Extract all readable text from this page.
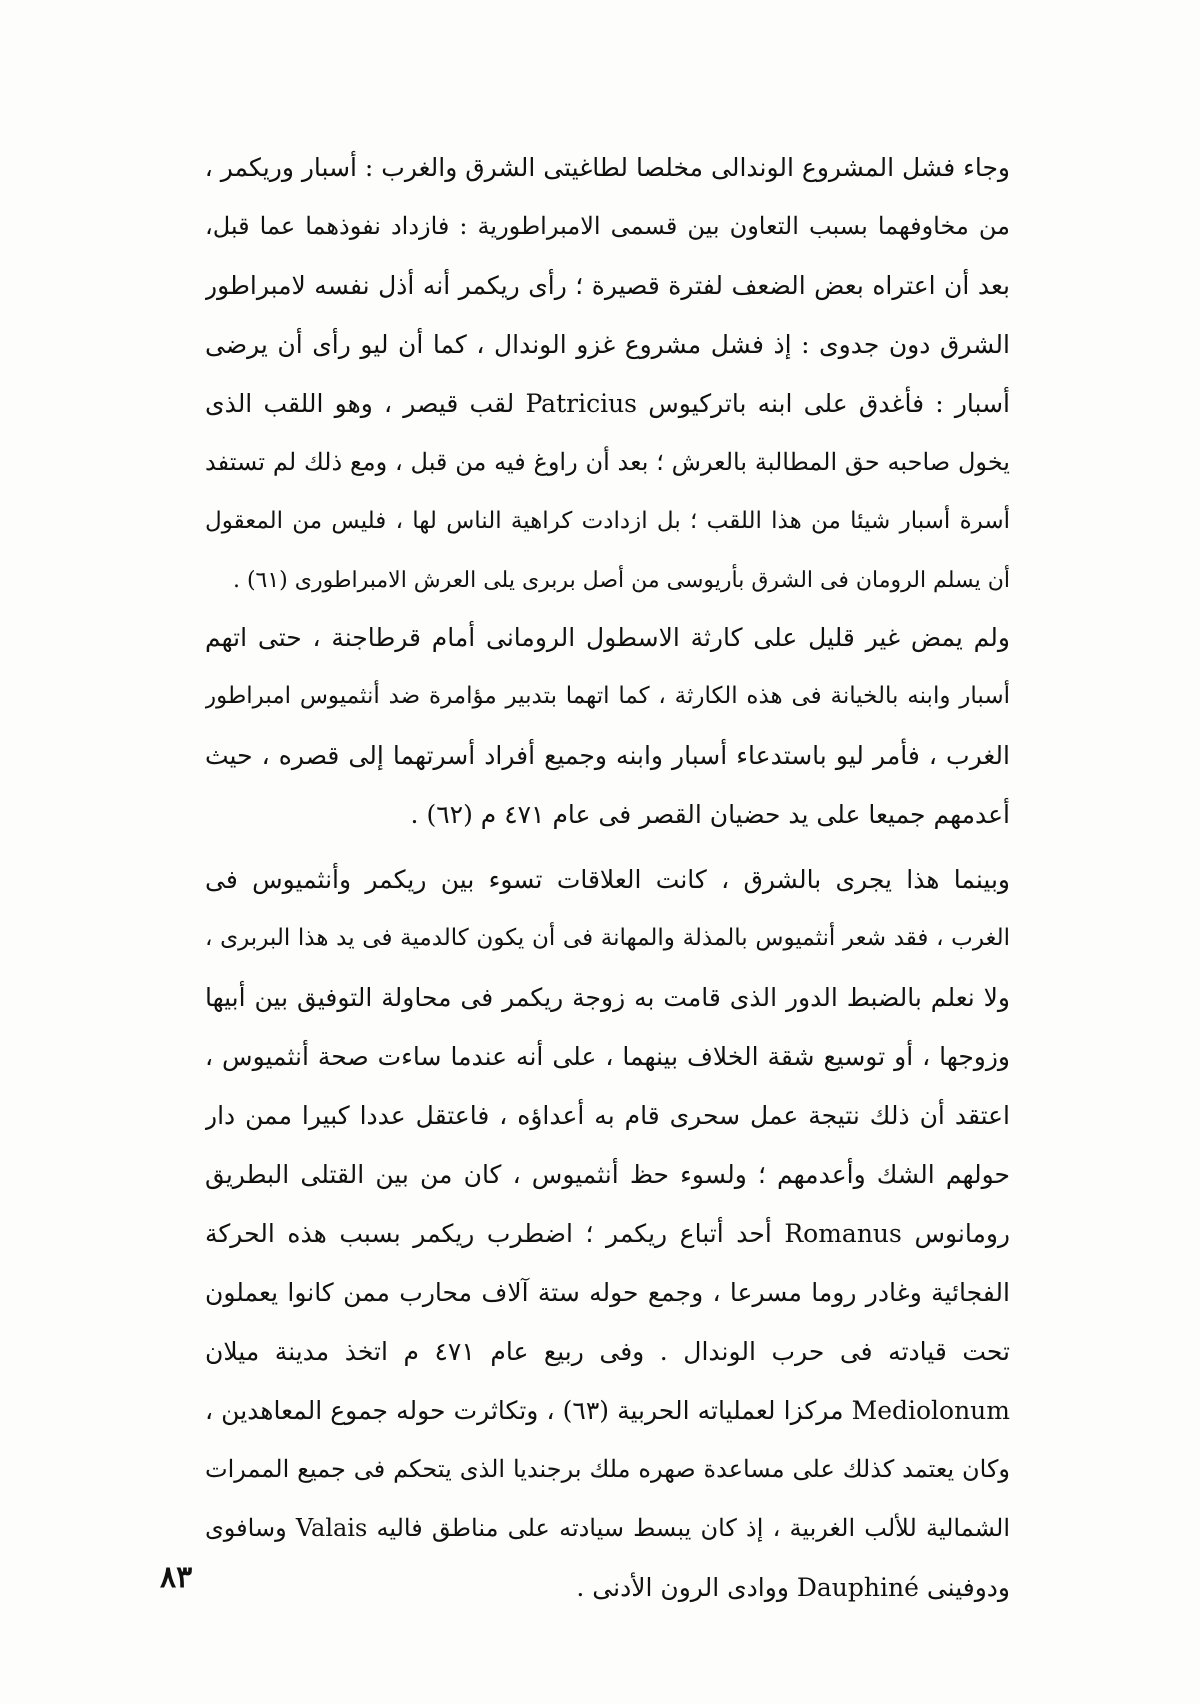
وجاء فشل المشروع الوندالى مخلصا لطاغيتى الشرق والغرب : أسبار وريكمر ،
من مخاوفهما بسبب التعاون بين قسمى الامبراطورية : فازداد نفوذهما عما قبل،
بعد أن اعتراه بعض الضعف لفترة قصيرة ؛ رأى ريكمر أنه أذل نفسه لامبراطور
الشرق دون جدوى : إذ فشل مشروع غزو الوندال ، كما أن ليو رأى أن يرضى
أسبار : فأغدق على ابنه باتركيوس Patricius لقب قيصر ، وهو اللقب الذى
يخول صاحبه حق المطالبة بالعرش ؛ بعد أن راوغ فيه من قبل ، ومع ذلك لم تستفد
أسرة أسبار شيئا من هذا اللقب ؛ بل ازدادت كراهية الناس لها ، فليس من المعقول
أن يسلم الرومان فى الشرق بأريوسى من أصل بربرى يلى العرش الامبراطورى (٦١) .
ولم يمض غير قليل على كارثة الاسطول الرومانى أمام قرطاجنة ، حتى اتهم
أسبار وابنه بالخيانة فى هذه الكارثة ، كما اتهما بتدبير مؤامرة ضد أنثميوس امبراطور
الغرب ، فأمر ليو باستدعاء أسبار وابنه وجميع أفراد أسرتهما إلى قصره ، حيث
أعدمهم جميعا على يد حضيان القصر فى عام ٤٧١ م (٦٢) .
وبينما هذا يجرى بالشرق ، كانت العلاقات تسوء بين ريكمر وأنثميوس فى
الغرب ، فقد شعر أنثميوس بالمذلة والمهانة فى أن يكون كالدمية فى يد هذا البربرى ،
ولا نعلم بالضبط الدور الذى قامت به زوجة ريكمر فى محاولة التوفيق بين أبيها
وزوجها ، أو توسيع شقة الخلاف بينهما ، على أنه عندما ساءت صحة أنثميوس ،
اعتقد أن ذلك نتيجة عمل سحرى قام به أعداؤه ، فاعتقل عددا كبيرا ممن دار
حولهم الشك وأعدمهم ؛ ولسوء حظ أنثميوس ، كان من بين القتلى البطريق
رومانوس Romanus أحد أتباع ريكمر ؛ اضطرب ريكمر بسبب هذه الحركة
الفجائية وغادر روما مسرعا ، وجمع حوله ستة آلاف محارب ممن كانوا يعملون
تحت قيادته فى حرب الوندال . وفى ربيع عام ٤٧١ م اتخذ مدينة ميلان
Mediolonum مركزا لعملياته الحربية (٦٣) ، وتكاثرت حوله جموع المعاهدين ،
وكان يعتمد كذلك على مساعدة صهره ملك برجنديا الذى يتحكم فى جميع الممرات
الشمالية للألب الغربية ، إذ كان يبسط سيادته على مناطق فاليه Valais وسافوى
ودوفينى Dauphiné ووادى الرون الأدنى .
٨٣
